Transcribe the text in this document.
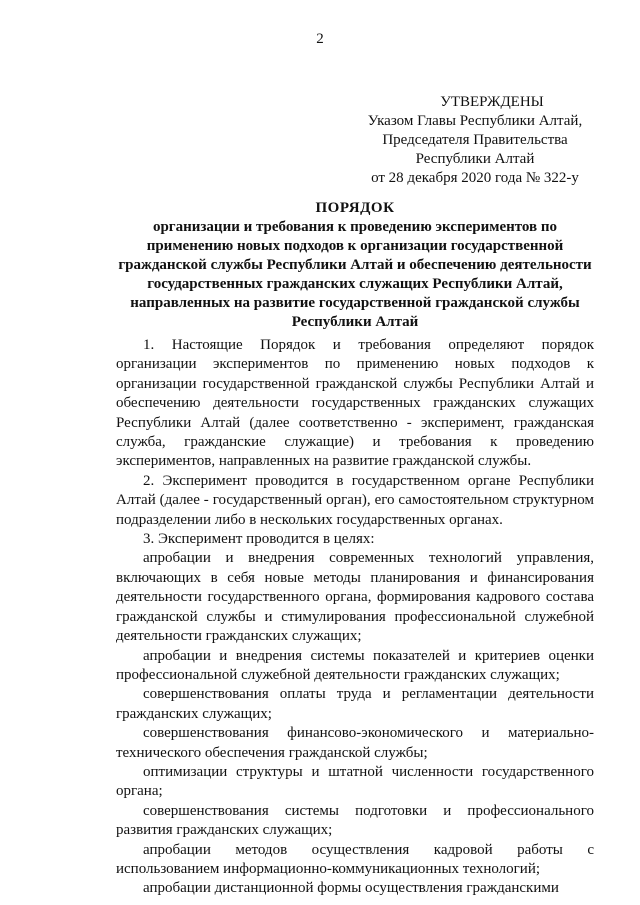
2
УТВЕРЖДЕНЫ
Указом Главы Республики Алтай,
Председателя Правительства
Республики Алтай
от 28 декабря 2020 года № 322-у
ПОРЯДОК
организации и требования к проведению экспериментов по
применению новых подходов к организации государственной
гражданской службы Республики Алтай и обеспечению деятельности
государственных гражданских служащих Республики Алтай,
направленных на развитие государственной гражданской службы
Республики Алтай

1. Настоящие Порядок и требования определяют порядок организации экспериментов по применению новых подходов к организации государственной гражданской службы Республики Алтай и обеспечению деятельности государственных гражданских служащих Республики Алтай (далее соответственно - эксперимент, гражданская служба, гражданские служащие) и требования к проведению экспериментов, направленных на развитие гражданской службы.

2. Эксперимент проводится в государственном органе Республики Алтай (далее - государственный орган), его самостоятельном структурном подразделении либо в нескольких государственных органах.

3. Эксперимент проводится в целях:

апробации и внедрения современных технологий управления, включающих в себя новые методы планирования и финансирования деятельности государственного органа, формирования кадрового состава гражданской службы и стимулирования профессиональной служебной деятельности гражданских служащих;

апробации и внедрения системы показателей и критериев оценки профессиональной служебной деятельности гражданских служащих;

совершенствования оплаты труда и регламентации деятельности гражданских служащих;

совершенствования финансово-экономического и материально-технического обеспечения гражданской службы;

оптимизации структуры и штатной численности государственного органа;

совершенствования системы подготовки и профессионального развития гражданских служащих;

апробации методов осуществления кадровой работы с использованием информационно-коммуникационных технологий;

апробации дистанционной формы осуществления гражданскими
